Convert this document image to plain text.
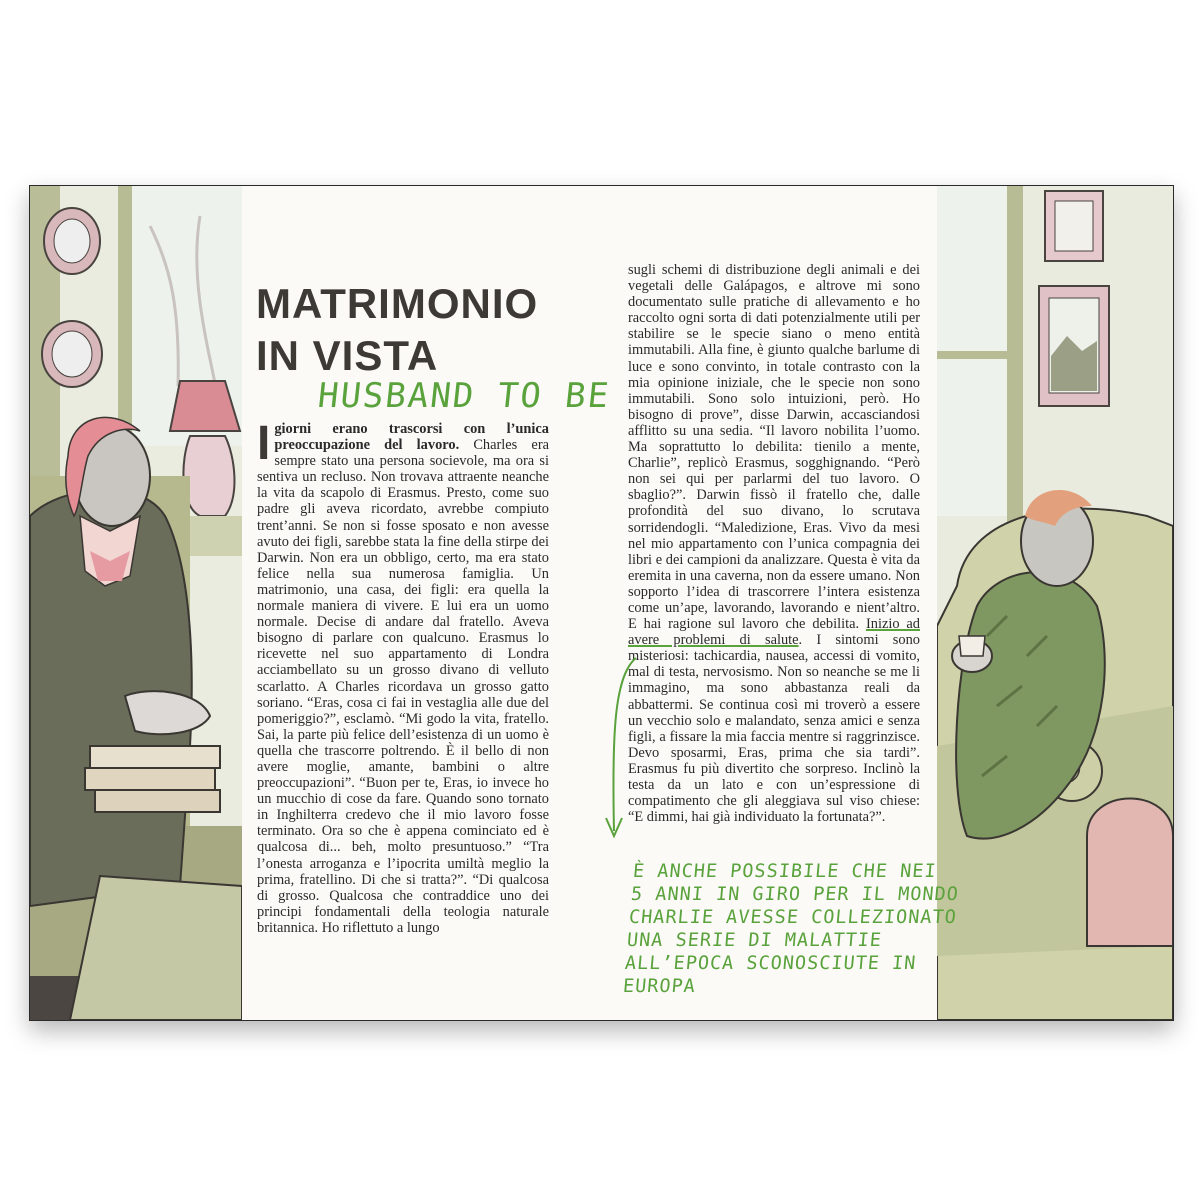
MATRIMONIO
IN VISTA
HUSBAND TO BE

Igiorni erano trascorsi con l’unica preoccupazione del lavoro. Charles era sempre stato una persona socievole, ma ora si sentiva un recluso. Non trovava attraente neanche la vita da scapolo di Erasmus. Presto, come suo padre gli aveva ricordato, avrebbe compiuto trent’anni. Se non si fosse sposato e non avesse avuto dei figli, sarebbe stata la fine della stirpe dei Darwin. Non era un obbligo, certo, ma era stato felice nella sua numerosa famiglia. Un matrimonio, una casa, dei figli: era quella la normale maniera di vivere. E lui era un uomo normale. Decise di andare dal fratello. Aveva bisogno di parlare con qualcuno. Erasmus lo ricevette nel suo appartamento di Londra acciambellato su un grosso divano di velluto scarlatto. A Charles ricordava un grosso gatto soriano. “Eras, cosa ci fai in vestaglia alle due del pomeriggio?”, esclamò. “Mi godo la vita, fratello. Sai, la parte più felice dell’esistenza di un uomo è quella che trascorre poltrendo. È il bello di non avere moglie, amante, bambini o altre preoccupazioni”. “Buon per te, Eras, io invece ho un mucchio di cose da fare. Quando sono tornato in Inghilterra credevo che il mio lavoro fosse terminato. Ora so che è appena cominciato ed è qualcosa di... beh, molto presuntuoso.” “Tra l’onesta arroganza e l’ipocrita umiltà meglio la prima, fratellino. Di che si tratta?”. “Di qualcosa di grosso. Qualcosa che contraddice uno dei principi fondamentali della teologia naturale britannica. Ho riflettuto a lungo

sugli schemi di distribuzione degli animali e dei vegetali delle Galápagos, e altrove mi sono documentato sulle pratiche di allevamento e ho raccolto ogni sorta di dati potenzialmente utili per stabilire se le specie siano o meno entità immutabili. Alla fine, è giunto qualche barlume di luce e sono convinto, in totale contrasto con la mia opinione iniziale, che le specie non sono immutabili. Sono solo intuizioni, però. Ho bisogno di prove”, disse Darwin, accasciandosi afflitto su una sedia. “Il lavoro nobilita l’uomo. Ma soprattutto lo debilita: tienilo a mente, Charlie”, replicò Erasmus, sogghignando. “Però non sei qui per parlarmi del tuo lavoro. O sbaglio?”. Darwin fissò il fratello che, dalle profondità del suo divano, lo scrutava sorridendogli. “Maledizione, Eras. Vivo da mesi nel mio appartamento con l’unica compagnia dei libri e dei campioni da analizzare. Questa è vita da eremita in una caverna, non da essere umano. Non sopporto l’idea di trascorrere l’intera esistenza come un’ape, lavorando, lavorando e nient’altro. E hai ragione sul lavoro che debilita. Inizio ad avere problemi di salute. I sintomi sono misteriosi: tachicardia, nausea, accessi di vomito, mal di testa, nervosismo. Non so neanche se me li immagino, ma sono abbastanza reali da abbattermi. Se continua così mi troverò a essere un vecchio solo e malandato, senza amici e senza figli, a fissare la mia faccia mentre si raggrinzisce. Devo sposarmi, Eras, prima che sia tardi”. Erasmus fu più divertito che sorpreso. Inclinò la testa da un lato e con un’espressione di compatimento che gli aleggiava sul viso chiese: “E dimmi, hai già individuato la fortunata?”.

È ANCHE POSSIBILE CHE NEI
5 ANNI IN GIRO PER IL MONDO
CHARLIE AVESSE COLLEZIONATO
UNA SERIE DI MALATTIE
ALL’EPOCA SCONOSCIUTE IN EUROPA
